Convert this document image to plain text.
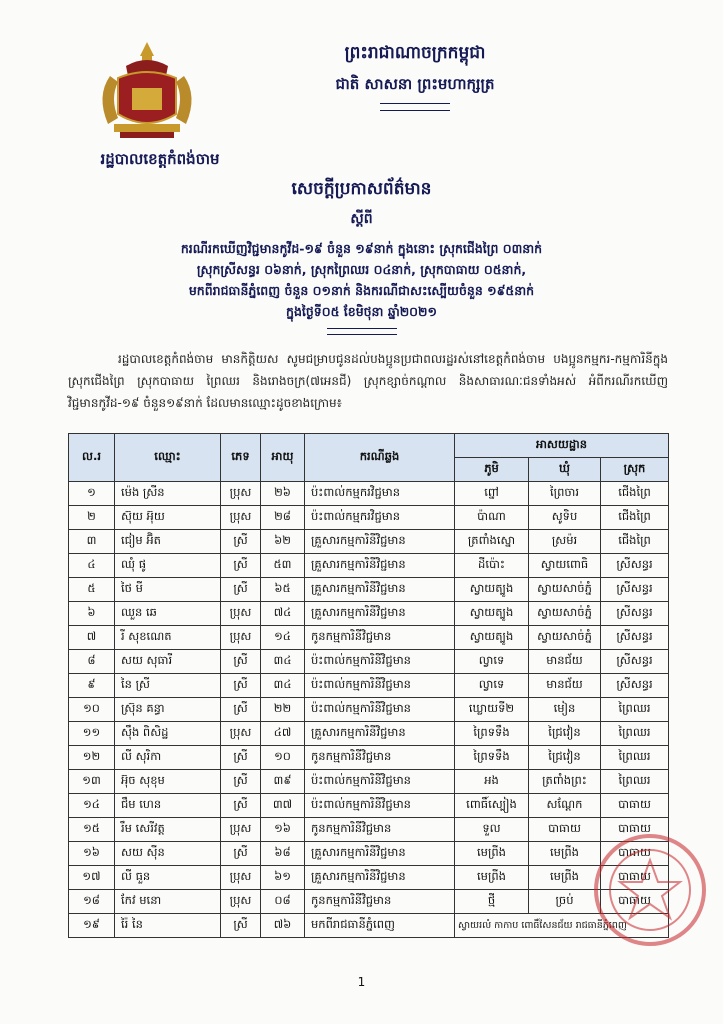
រដ្ឋបាលខេត្តកំពង់ចាម
ព្រះរាជាណាចក្រកម្ពុជា
ជាតិ សាសនា ព្រះមហាក្សត្រ
សេចក្តីប្រកាសព័ត៌មាន
ស្តីពី
ករណីរកឃើញវិជ្ជមានកូវីដ-១៩ ចំនួន ១៩នាក់ ក្នុងនោះ ស្រុកជើងព្រៃ ០៣នាក់
ស្រុកស្រីសន្ធរ ០៦នាក់, ស្រុកព្រៃឈរ ០៤នាក់, ស្រុកបាធាយ ០៥នាក់,
មកពីរាជធានីភ្នំពេញ ចំនួន ០១នាក់ និងករណីជាសះស្បើយចំនួន ១៩៥នាក់
ក្នុងថ្ងៃទី០៥ ខែមិថុនា ឆ្នាំ២០២១
រដ្ឋបាលខេត្តកំពង់ចាម មានកិត្តិយស សូមជម្រាបជូនដល់បងប្អូនប្រជាពលរដ្ឋរស់នៅខេត្តកំពង់ចាម បងប្អូនកម្មករ-កម្មការិនីក្នុងស្រុកជើងព្រៃ ស្រុកបាធាយ ព្រៃឈរ និងរោងចក្រ(៧អេនជី) ស្រុកខ្សាច់កណ្តាល និងសាធារណៈជនទាំងអស់ អំពីករណីរកឃើញវិជ្ជមានកូវីដ-១៩ ចំនួន១៩នាក់ ដែលមានឈ្មោះដូចខាងក្រោម៖
ល.រ	ឈ្មោះ	ភេទ	អាយុ	ករណីឆ្លង	អាសយដ្ឋាន		
					ភូមិ	ឃុំ	ស្រុក
១	ម៉េង ស្រីន	ប្រុស	២៦	ប៉ះពាល់កម្មករវិជ្ជមាន	ព្នៅ	ព្រៃចារ	ជើងព្រៃ
២	ស៊ុយ អ៊ុយ	ប្រុស	២៨	ប៉ះពាល់កម្មករវិជ្ជមាន	ប៉ាណា	សូទិប	ជើងព្រៃ
៣	ជៀម អ៊ិត	ស្រី	៦២	គ្រួសារកម្មការិនីវិជ្ជមាន	ត្រពាំងស្នោ	ស្រម៉រ	ជើងព្រៃ
៤	ឈុំ ផូ	ស្រី	៥៣	គ្រួសារកម្មការិនីវិជ្ជមាន	ដីប៉ោះ	ស្វាយពោធិ	ស្រីសន្ធរ
៥	ថៃ មី	ស្រី	៦៥	គ្រួសារកម្មការិនីវិជ្ជមាន	ស្វាយត្បូង	ស្វាយសាច់ភ្នំ	ស្រីសន្ធរ
៦	ឈួន ឆេ	ប្រុស	៧៤	គ្រួសារកម្មការិនីវិជ្ជមាន	ស្វាយត្បូង	ស្វាយសាច់ភ្នំ	ស្រីសន្ធរ
៧	រី សុខណេត	ប្រុស	១៤	កូនកម្មការិនីវិជ្ជមាន	ស្វាយត្បូង	ស្វាយសាច់ភ្នំ	ស្រីសន្ធរ
៨	សយ សុធារី	ស្រី	៣៤	ប៉ះពាល់កម្មការិនីវិជ្ជមាន	ល្វាទេ	មានជ័យ	ស្រីសន្ធរ
៩	នៃ ស្រី	ស្រី	៣៤	ប៉ះពាល់កម្មការិនីវិជ្ជមាន	ល្វាទេ	មានជ័យ	ស្រីសន្ធរ
១០	ស្រ៊ុន គន្ធា	ស្រី	២២	ប៉ះពាល់កម្មការិនីវិជ្ជមាន	ឃ្លោយទី២	មៀន	ព្រៃឈរ
១១	ស៊ឹង ពិសិដ្ឋ	ប្រុស	៤៧	គ្រួសារកម្មការិនីវិជ្ជមាន	ព្រៃទទឹង	ជ្រៃវៀន	ព្រៃឈរ
១២	លី សុរិកា	ស្រី	១០	កូនកម្មការិនីវិជ្ជមាន	ព្រៃទទឹង	ជ្រៃវៀន	ព្រៃឈរ
១៣	អ៊ុច សុខុម	ស្រី	៣៩	ប៉ះពាល់កម្មការិនីវិជ្ជមាន	អង	ត្រពាំងព្រះ	ព្រៃឈរ
១៤	ជឹម ហេន	ស្រី	៣៧	ប៉ះពាល់កម្មការិនីវិជ្ជមាន	ពោធិ៍ស្បៀង	សណ្តែក	បាធាយ
១៥	រឹម សេរីវត្ត	ប្រុស	១៦	កូនកម្មការិនីវិជ្ជមាន	ទួល	បាធាយ	បាធាយ
១៦	សយ ស៊ីន	ស្រី	៦៨	គ្រួសារកម្មការិនីវិជ្ជមាន	មេព្រីង	មេព្រីង	បាធាយ
១៧	លី ធួន	ប្រុស	៦១	គ្រួសារកម្មការិនីវិជ្ជមាន	មេព្រីង	មេព្រីង	បាធាយ
១៨	កែវ មនោ	ប្រុស	០៨	កូនកម្មការិនីវិជ្ជមាន	ថ្មី	ច្រប់	បាធាយ
១៩	រ៉ៃ នៃ	ស្រី	៧៦	មកពីរាជធានីភ្នំពេញ	ស្វាយរលំ កាកាប ពោធិ៍សែនជ័យ រាជធានីភ្នំពេញ		
1
